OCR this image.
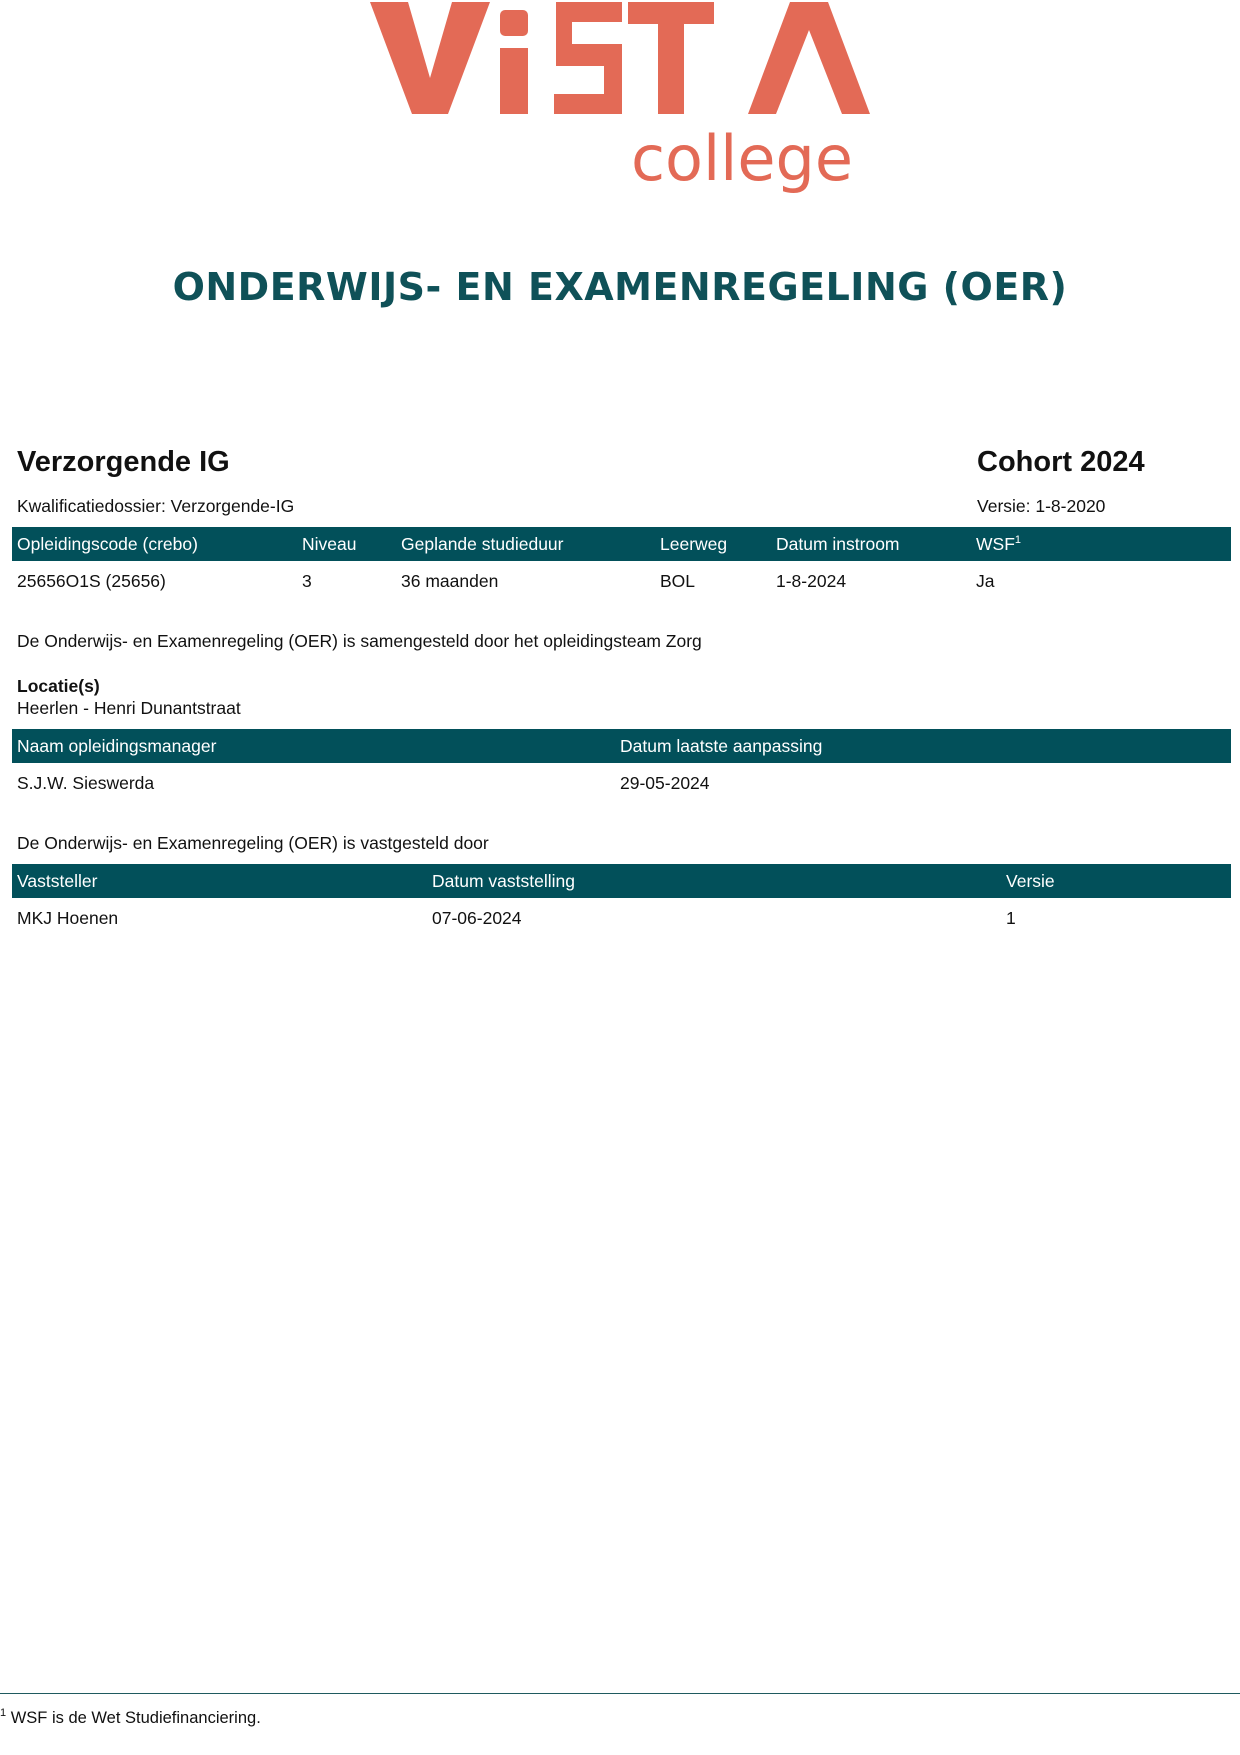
college
ONDERWIJS- EN EXAMENREGELING (OER)
Verzorgende IG	Cohort 2024
Kwalificatiedossier: Verzorgende-IG	Versie: 1-8-2020
Opleidingscode (crebo)	Niveau	Geplande studieduur	Leerweg	Datum instroom	WSF$^1$
25656O1S (25656)	3	36 maanden	BOL	1-8-2024	Ja
De Onderwijs- en Examenregeling (OER) is samengesteld door het opleidingsteam Zorg
Locatie(s)
Heerlen - Henri Dunantstraat
Naam opleidingsmanager	Datum laatste aanpassing
S.J.W. Sieswerda	29-05-2024
De Onderwijs- en Examenregeling (OER) is vastgesteld door
Vaststeller	Datum vaststelling	Versie
MKJ Hoenen	07-06-2024	1
$^1$ WSF is de Wet Studiefinanciering.
